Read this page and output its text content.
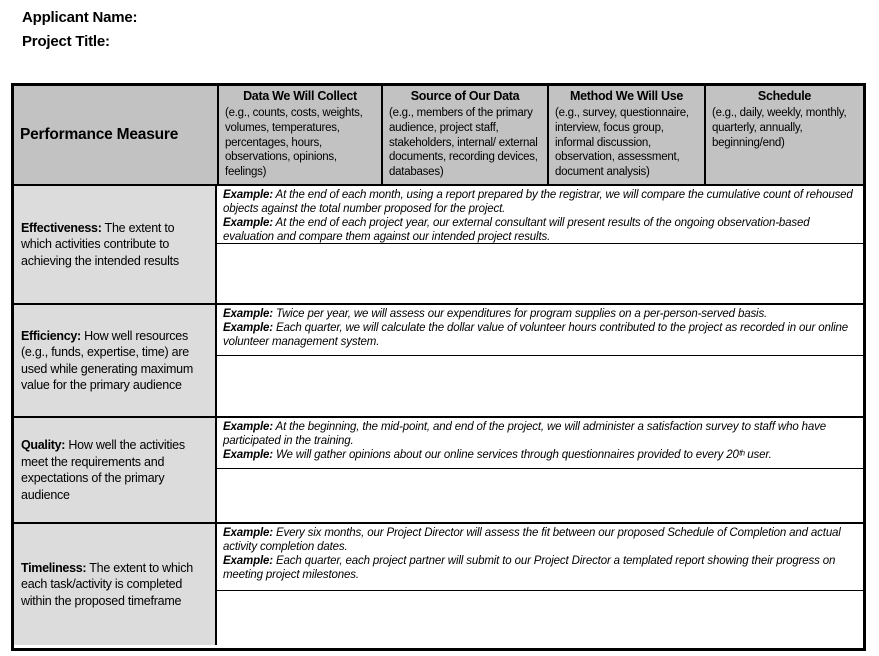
Applicant Name:
Project Title:
Performance Measure
Data We Will Collect
(e.g., counts, costs, weights, volumes, temperatures, percentages, hours, observations, opinions, feelings)
Source of Our Data
(e.g., members of the primary audience, project staff, stakeholders, internal/ external documents, recording devices, databases)
Method We Will Use
(e.g., survey, questionnaire, interview, focus group, informal discussion, observation, assessment, document analysis)
Schedule
(e.g., daily, weekly, monthly, quarterly, annually, beginning/end)
Effectiveness: The extent to which activities contribute to achieving the intended results
Example: At the end of each month, using a report prepared by the registrar, we will compare the cumulative count of rehoused objects against the total number proposed for the project.
Example: At the end of each project year, our external consultant will present results of the ongoing observation-based evaluation and compare them against our intended project results.
Efficiency: How well resources (e.g., funds, expertise, time) are used while generating maximum value for the primary audience
Example: Twice per year, we will assess our expenditures for program supplies on a per-person-served basis.
Example: Each quarter, we will calculate the dollar value of volunteer hours contributed to the project as recorded in our online volunteer management system.
Quality: How well the activities meet the requirements and expectations of the primary audience
Example: At the beginning, the mid-point, and end of the project, we will administer a satisfaction survey to staff who have participated in the training.
Example: We will gather opinions about our online services through questionnaires provided to every 20ᵗʰ user.
Timeliness: The extent to which each task/activity is completed within the proposed timeframe
Example: Every six months, our Project Director will assess the fit between our proposed Schedule of Completion and actual activity completion dates.
Example: Each quarter, each project partner will submit to our Project Director a templated report showing their progress on meeting project milestones.
